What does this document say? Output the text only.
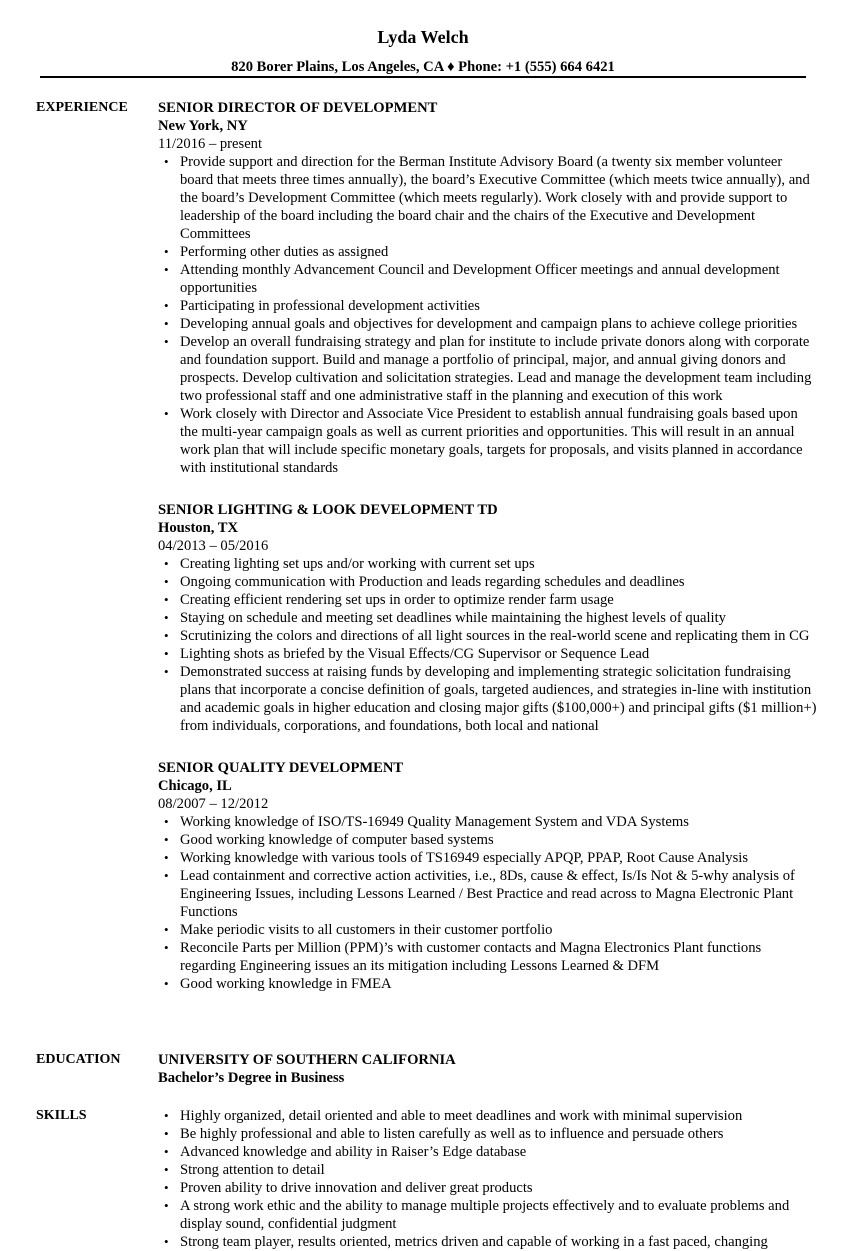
Lyda Welch
820 Borer Plains, Los Angeles, CA ♦ Phone: +1 (555) 664 6421
EXPERIENCE SENIOR DIRECTOR OF DEVELOPMENT
New York, NY
11/2016 – present
• Provide support and direction for the Berman Institute Advisory Board (a twenty six member volunteer board that meets three times annually), the board’s Executive Committee (which meets twice annually), and the board’s Development Committee (which meets regularly). Work closely with and provide support to leadership of the board including the board chair and the chairs of the Executive and Development Committees
• Performing other duties as assigned
• Attending monthly Advancement Council and Development Officer meetings and annual development opportunities
• Participating in professional development activities
• Developing annual goals and objectives for development and campaign plans to achieve college priorities
• Develop an overall fundraising strategy and plan for institute to include private donors along with corporate and foundation support. Build and manage a portfolio of principal, major, and annual giving donors and prospects. Develop cultivation and solicitation strategies. Lead and manage the development team including two professional staff and one administrative staff in the planning and execution of this work
• Work closely with Director and Associate Vice President to establish annual fundraising goals based upon the multi-year campaign goals as well as current priorities and opportunities. This will result in an annual work plan that will include specific monetary goals, targets for proposals, and visits planned in accordance with institutional standards
SENIOR LIGHTING & LOOK DEVELOPMENT TD
Houston, TX
04/2013 – 05/2016
• Creating lighting set ups and/or working with current set ups
• Ongoing communication with Production and leads regarding schedules and deadlines
• Creating efficient rendering set ups in order to optimize render farm usage
• Staying on schedule and meeting set deadlines while maintaining the highest levels of quality
• Scrutinizing the colors and directions of all light sources in the real-world scene and replicating them in CG
• Lighting shots as briefed by the Visual Effects/CG Supervisor or Sequence Lead
• Demonstrated success at raising funds by developing and implementing strategic solicitation fundraising plans that incorporate a concise definition of goals, targeted audiences, and strategies in-line with institution and academic goals in higher education and closing major gifts ($100,000+) and principal gifts ($1 million+) from individuals, corporations, and foundations, both local and national
SENIOR QUALITY DEVELOPMENT
Chicago, IL
08/2007 – 12/2012
• Working knowledge of ISO/TS-16949 Quality Management System and VDA Systems
• Good working knowledge of computer based systems
• Working knowledge with various tools of TS16949 especially APQP, PPAP, Root Cause Analysis
• Lead containment and corrective action activities, i.e., 8Ds, cause & effect, Is/Is Not & 5-why analysis of Engineering Issues, including Lessons Learned / Best Practice and read across to Magna Electronic Plant Functions
• Make periodic visits to all customers in their customer portfolio
• Reconcile Parts per Million (PPM)’s with customer contacts and Magna Electronics Plant functions regarding Engineering issues an its mitigation including Lessons Learned & DFM
• Good working knowledge in FMEA
EDUCATION	UNIVERSITY OF SOUTHERN CALIFORNIA
Bachelor’s Degree in Business
SKILLS	• Highly organized, detail oriented and able to meet deadlines and work with minimal supervision
• Be highly professional and able to listen carefully as well as to influence and persuade others
• Advanced knowledge and ability in Raiser’s Edge database
• Strong attention to detail
• Proven ability to drive innovation and deliver great products
• A strong work ethic and the ability to manage multiple projects effectively and to evaluate problems and display sound, confidential judgment
• Strong team player, results oriented, metrics driven and capable of working in a fast paced, changing
